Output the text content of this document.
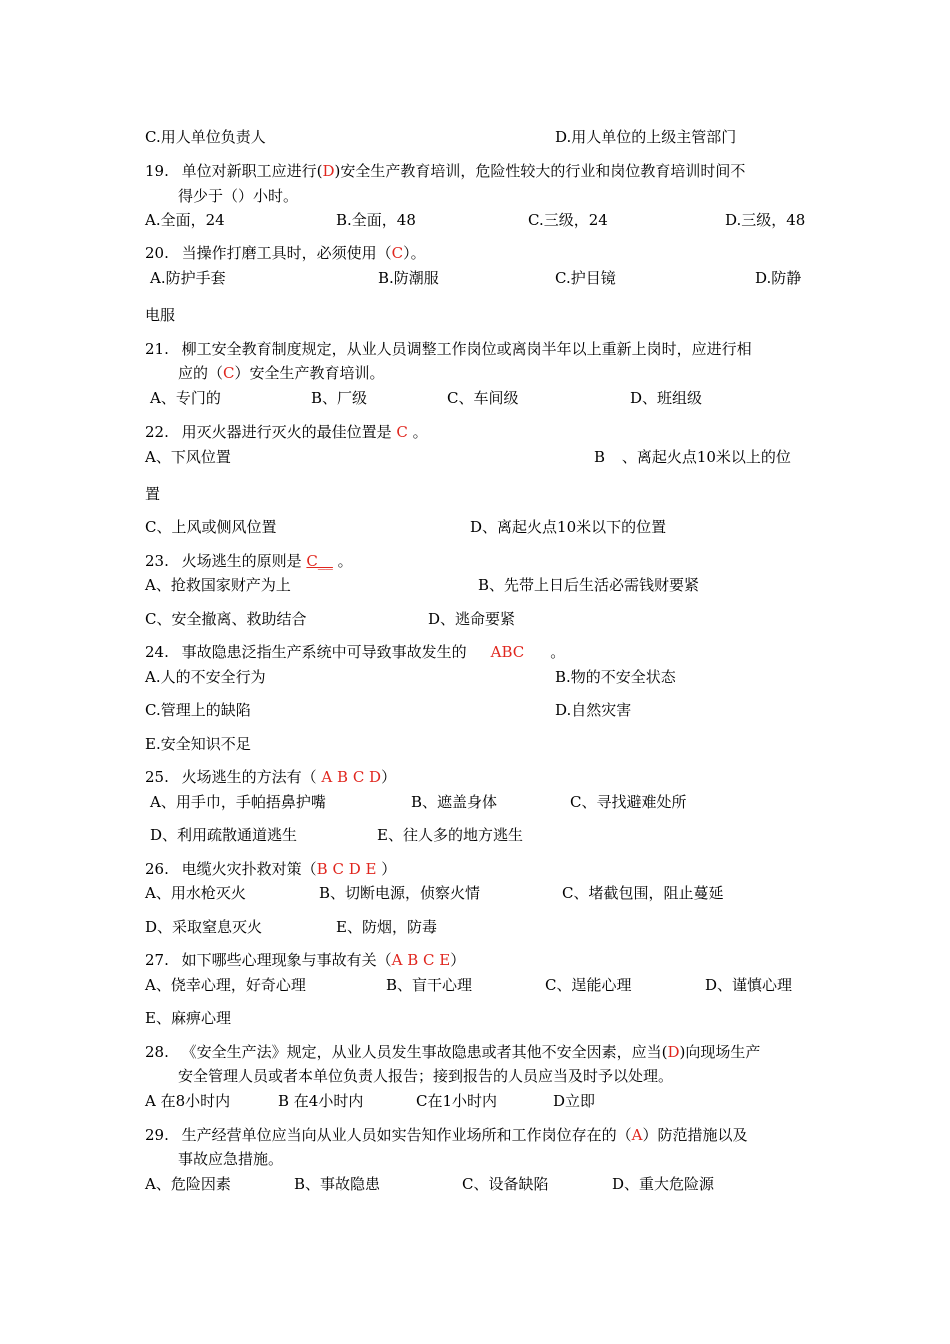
C.用人单位负责人	D.用人单位的上级主管部门
19. 单位对新职工应进行(D)安全生产教育培训，危险性较大的行业和岗位教育培训时间不
得少于（）小时。
A.全面，24	B.全面，48	C.三级，24	D.三级，48
20. 当操作打磨工具时，必须使用（C）。
A.防护手套	B.防潮服	C.护目镜	D.防静
电服
21. 柳工安全教育制度规定，从业人员调整工作岗位或离岗半年以上重新上岗时，应进行相
应的（C）安全生产教育培训。
A、专门的	B、厂级	C、车间级	D、班组级
22. 用灭火器进行灭火的最佳位置是 C 。
A、下风位置	B 、离起火点10米以上的位
置
C、上风或侧风位置	D、离起火点10米以下的位置
23. 火场逃生的原则是 C__ 。
A、抢救国家财产为上	B、先带上日后生活必需钱财要紧
C、安全撤离、救助结合	D、逃命要紧
24. 事故隐患泛指生产系统中可导致事故发生的 ABC 。
A.人的不安全行为	B.物的不安全状态
C.管理上的缺陷	D.自然灾害
E.安全知识不足
25. 火场逃生的方法有（ A B C D）
A、用手巾，手帕捂鼻护嘴	B、遮盖身体	C、寻找避难处所
D、利用疏散通道逃生	E、往人多的地方逃生
26. 电缆火灾扑救对策（B C D E ）
A、用水枪灭火	B、切断电源，侦察火情	C、堵截包围，阻止蔓延
D、采取窒息灭火	E、防烟，防毒
27. 如下哪些心理现象与事故有关（A B C E）
A、侥幸心理，好奇心理	B、盲干心理	C、逞能心理	D、谨慎心理
E、麻痹心理
28. 《安全生产法》规定，从业人员发生事故隐患或者其他不安全因素，应当(D)向现场生产
安全管理人员或者本单位负责人报告；接到报告的人员应当及时予以处理。
A 在8小时内	B 在4小时内	C在1小时内	D立即
29. 生产经营单位应当向从业人员如实告知作业场所和工作岗位存在的（A）防范措施以及
事故应急措施。
A、危险因素	B、事故隐患	C、设备缺陷	D、重大危险源
